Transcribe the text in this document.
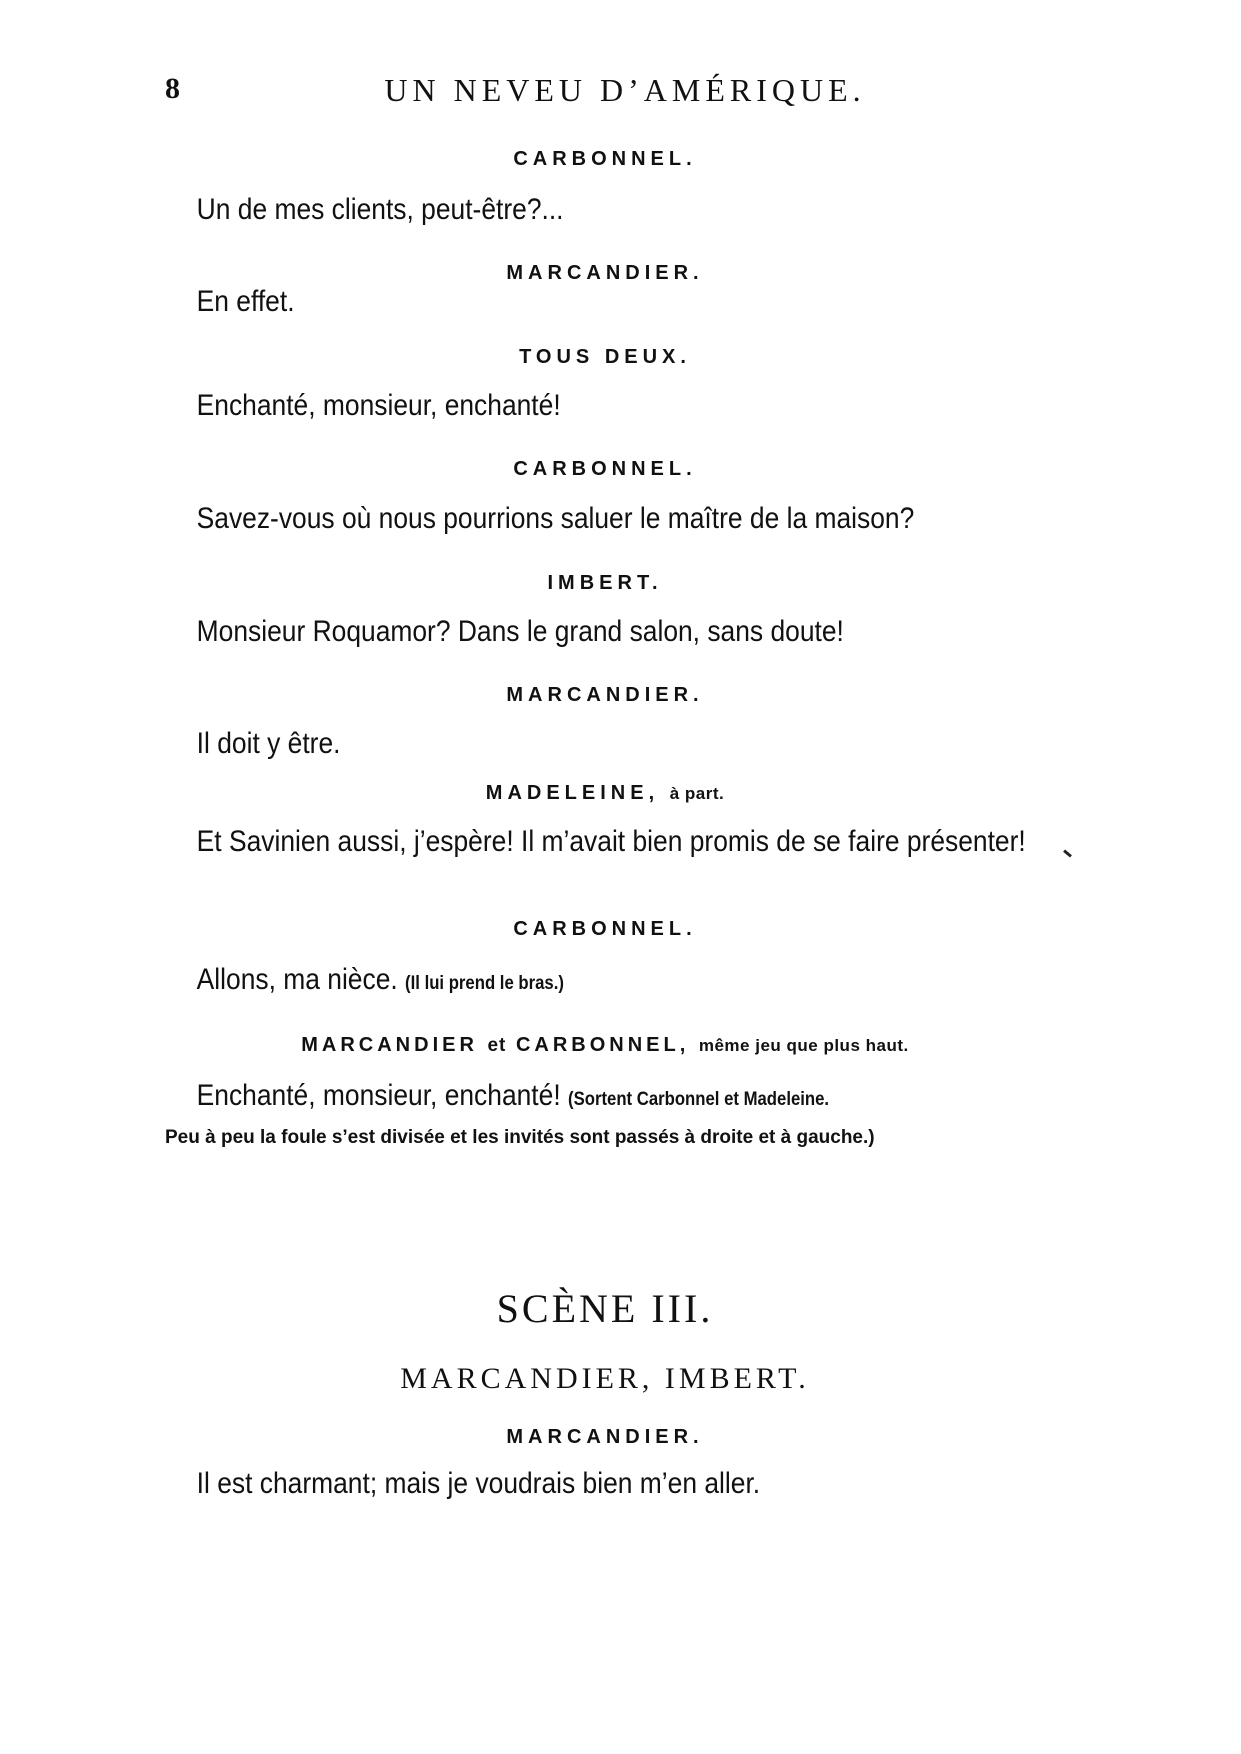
8	UN NEVEU D’AMÉRIQUE.
CARBONNEL.
Un de mes clients, peut-être?...
MARCANDIER.
En effet.
TOUS DEUX.
Enchanté, monsieur, enchanté!
CARBONNEL.
Savez-vous où nous pourrions saluer le maître de la maison?
IMBERT.
Monsieur Roquamor? Dans le grand salon, sans doute!
MARCANDIER.
Il doit y être.
MADELEINE, à part.
Et Savinien aussi, j’espère! Il m’avait bien promis de se faire présenter!
CARBONNEL.
Allons, ma nièce. (Il lui prend le bras.)
MARCANDIER et CARBONNEL, même jeu que plus haut.
Enchanté, monsieur, enchanté! (Sortent Carbonnel et Madeleine.
Peu à peu la foule s’est divisée et les invités sont passés à droite et à gauche.)
SCÈNE III.
MARCANDIER, IMBERT.
MARCANDIER.
Il est charmant; mais je voudrais bien m’en aller.
